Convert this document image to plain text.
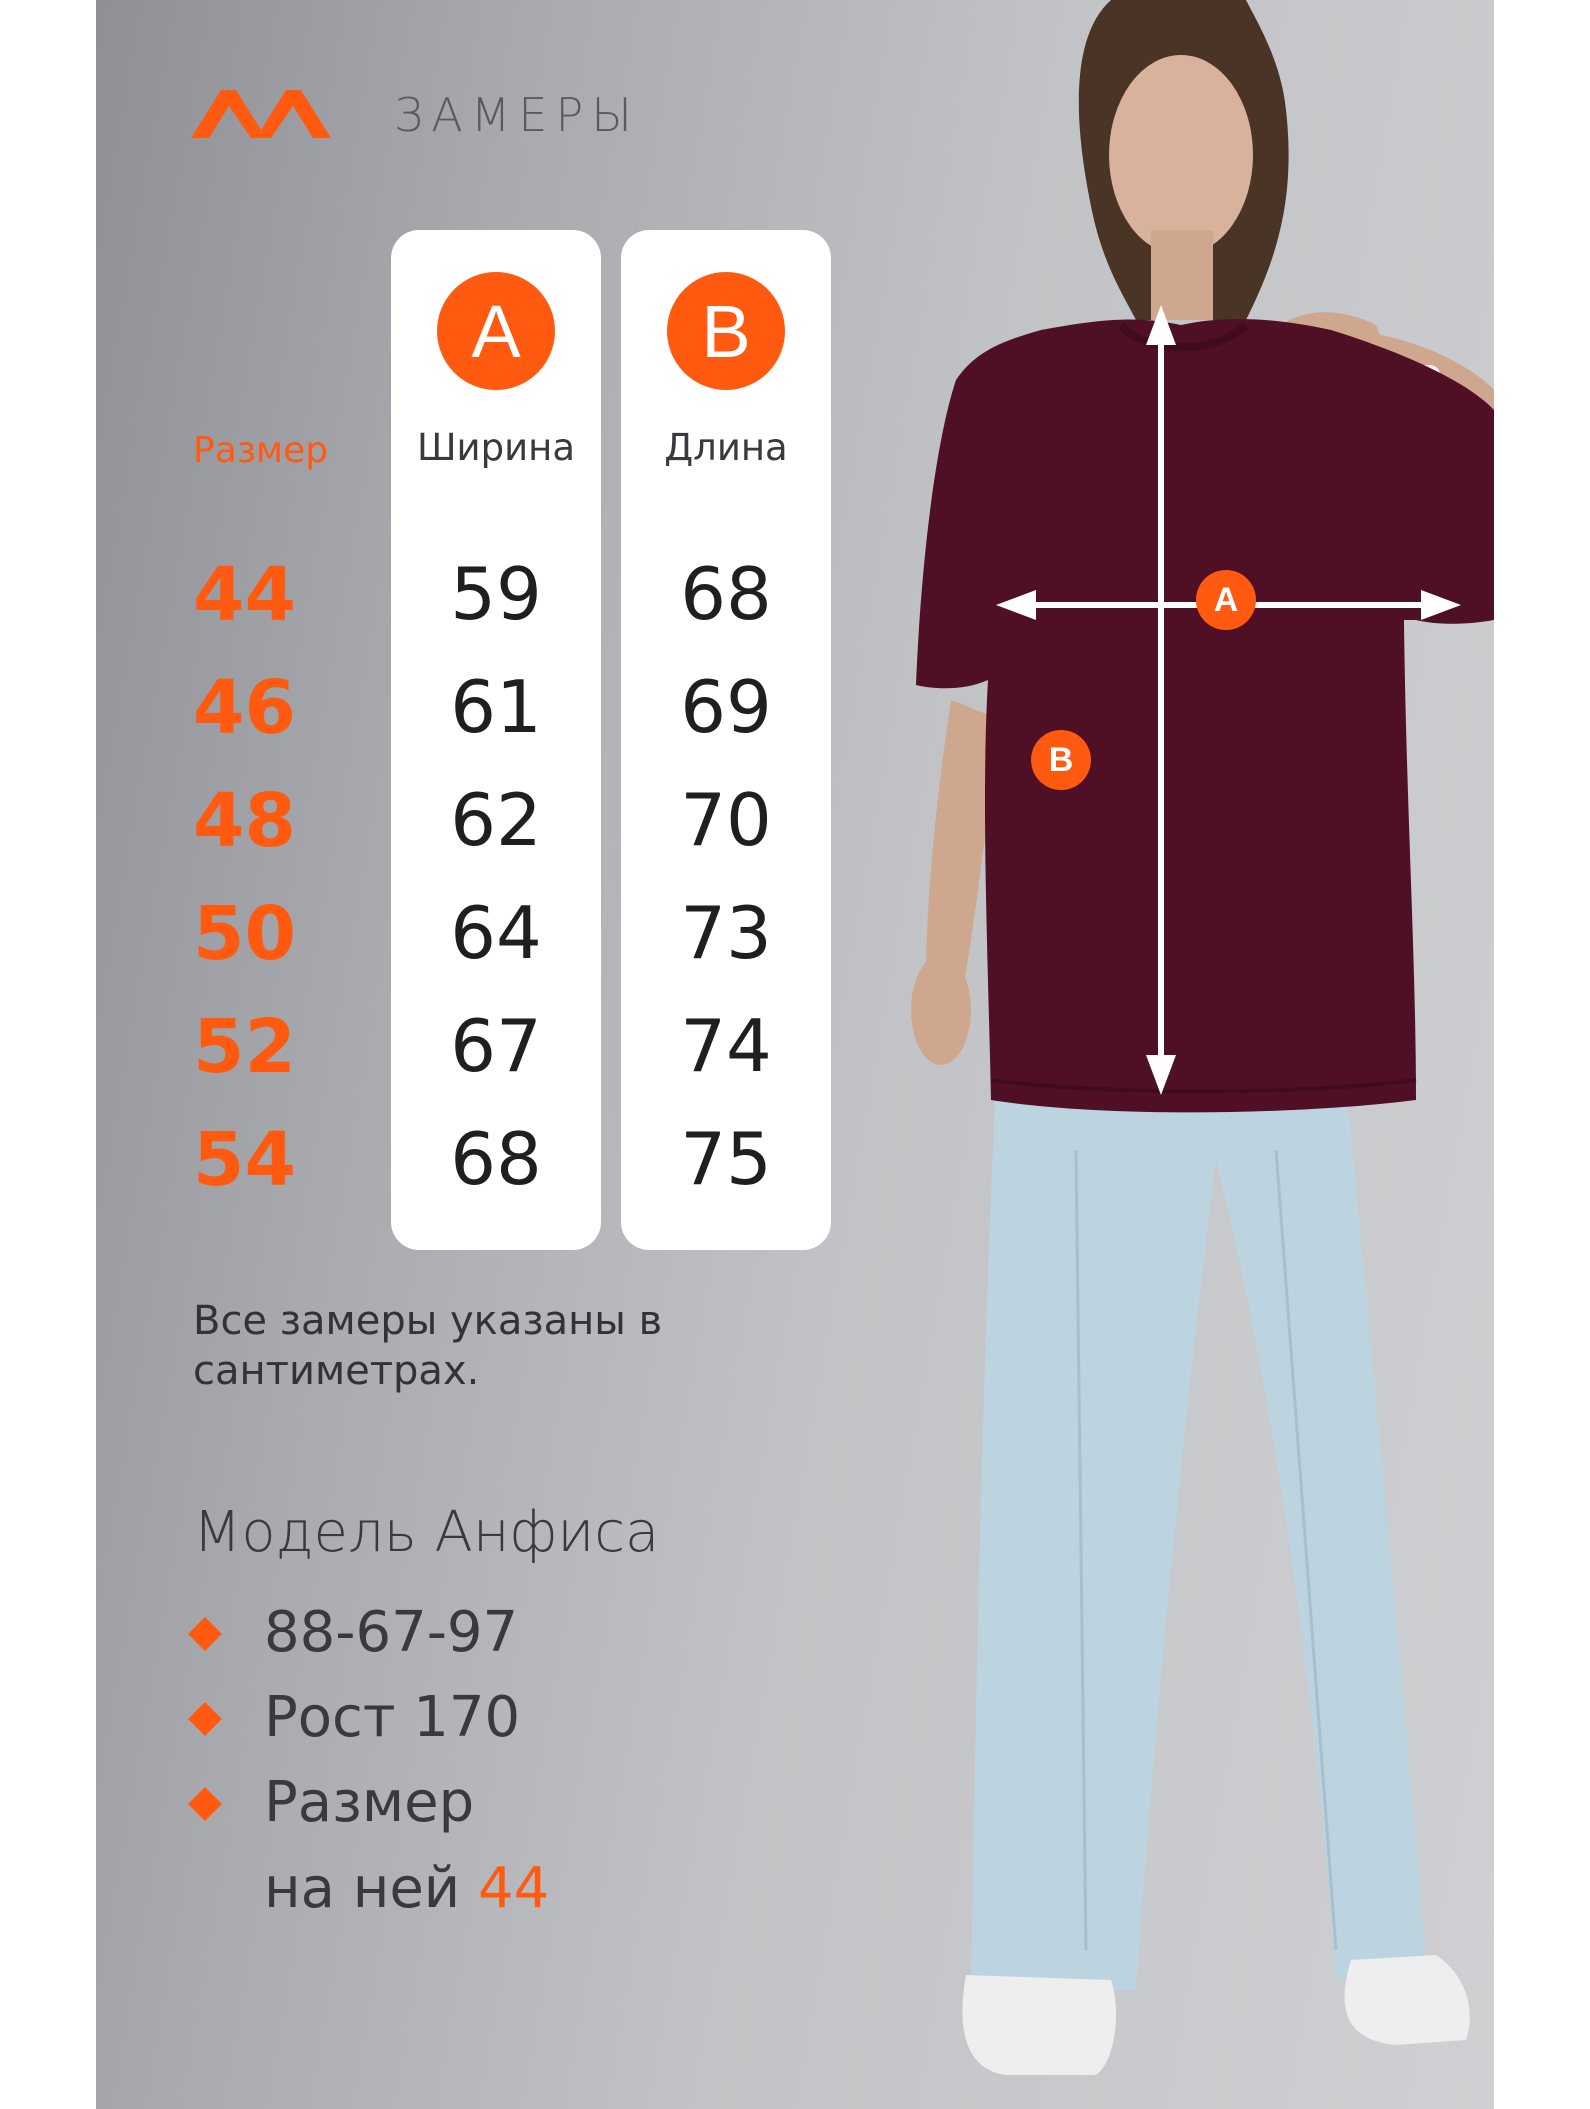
ЗАМЕРЫ
Размер
A
Ширина
59
61
62
64
67
68
B
Длина
68
69
70
73
74
75
44
46
48
50
52
54
Все замеры указаны в сантиметрах.
Модель Анфиса
88-67-97
Рост 170
Размер
на ней 44
A
B
